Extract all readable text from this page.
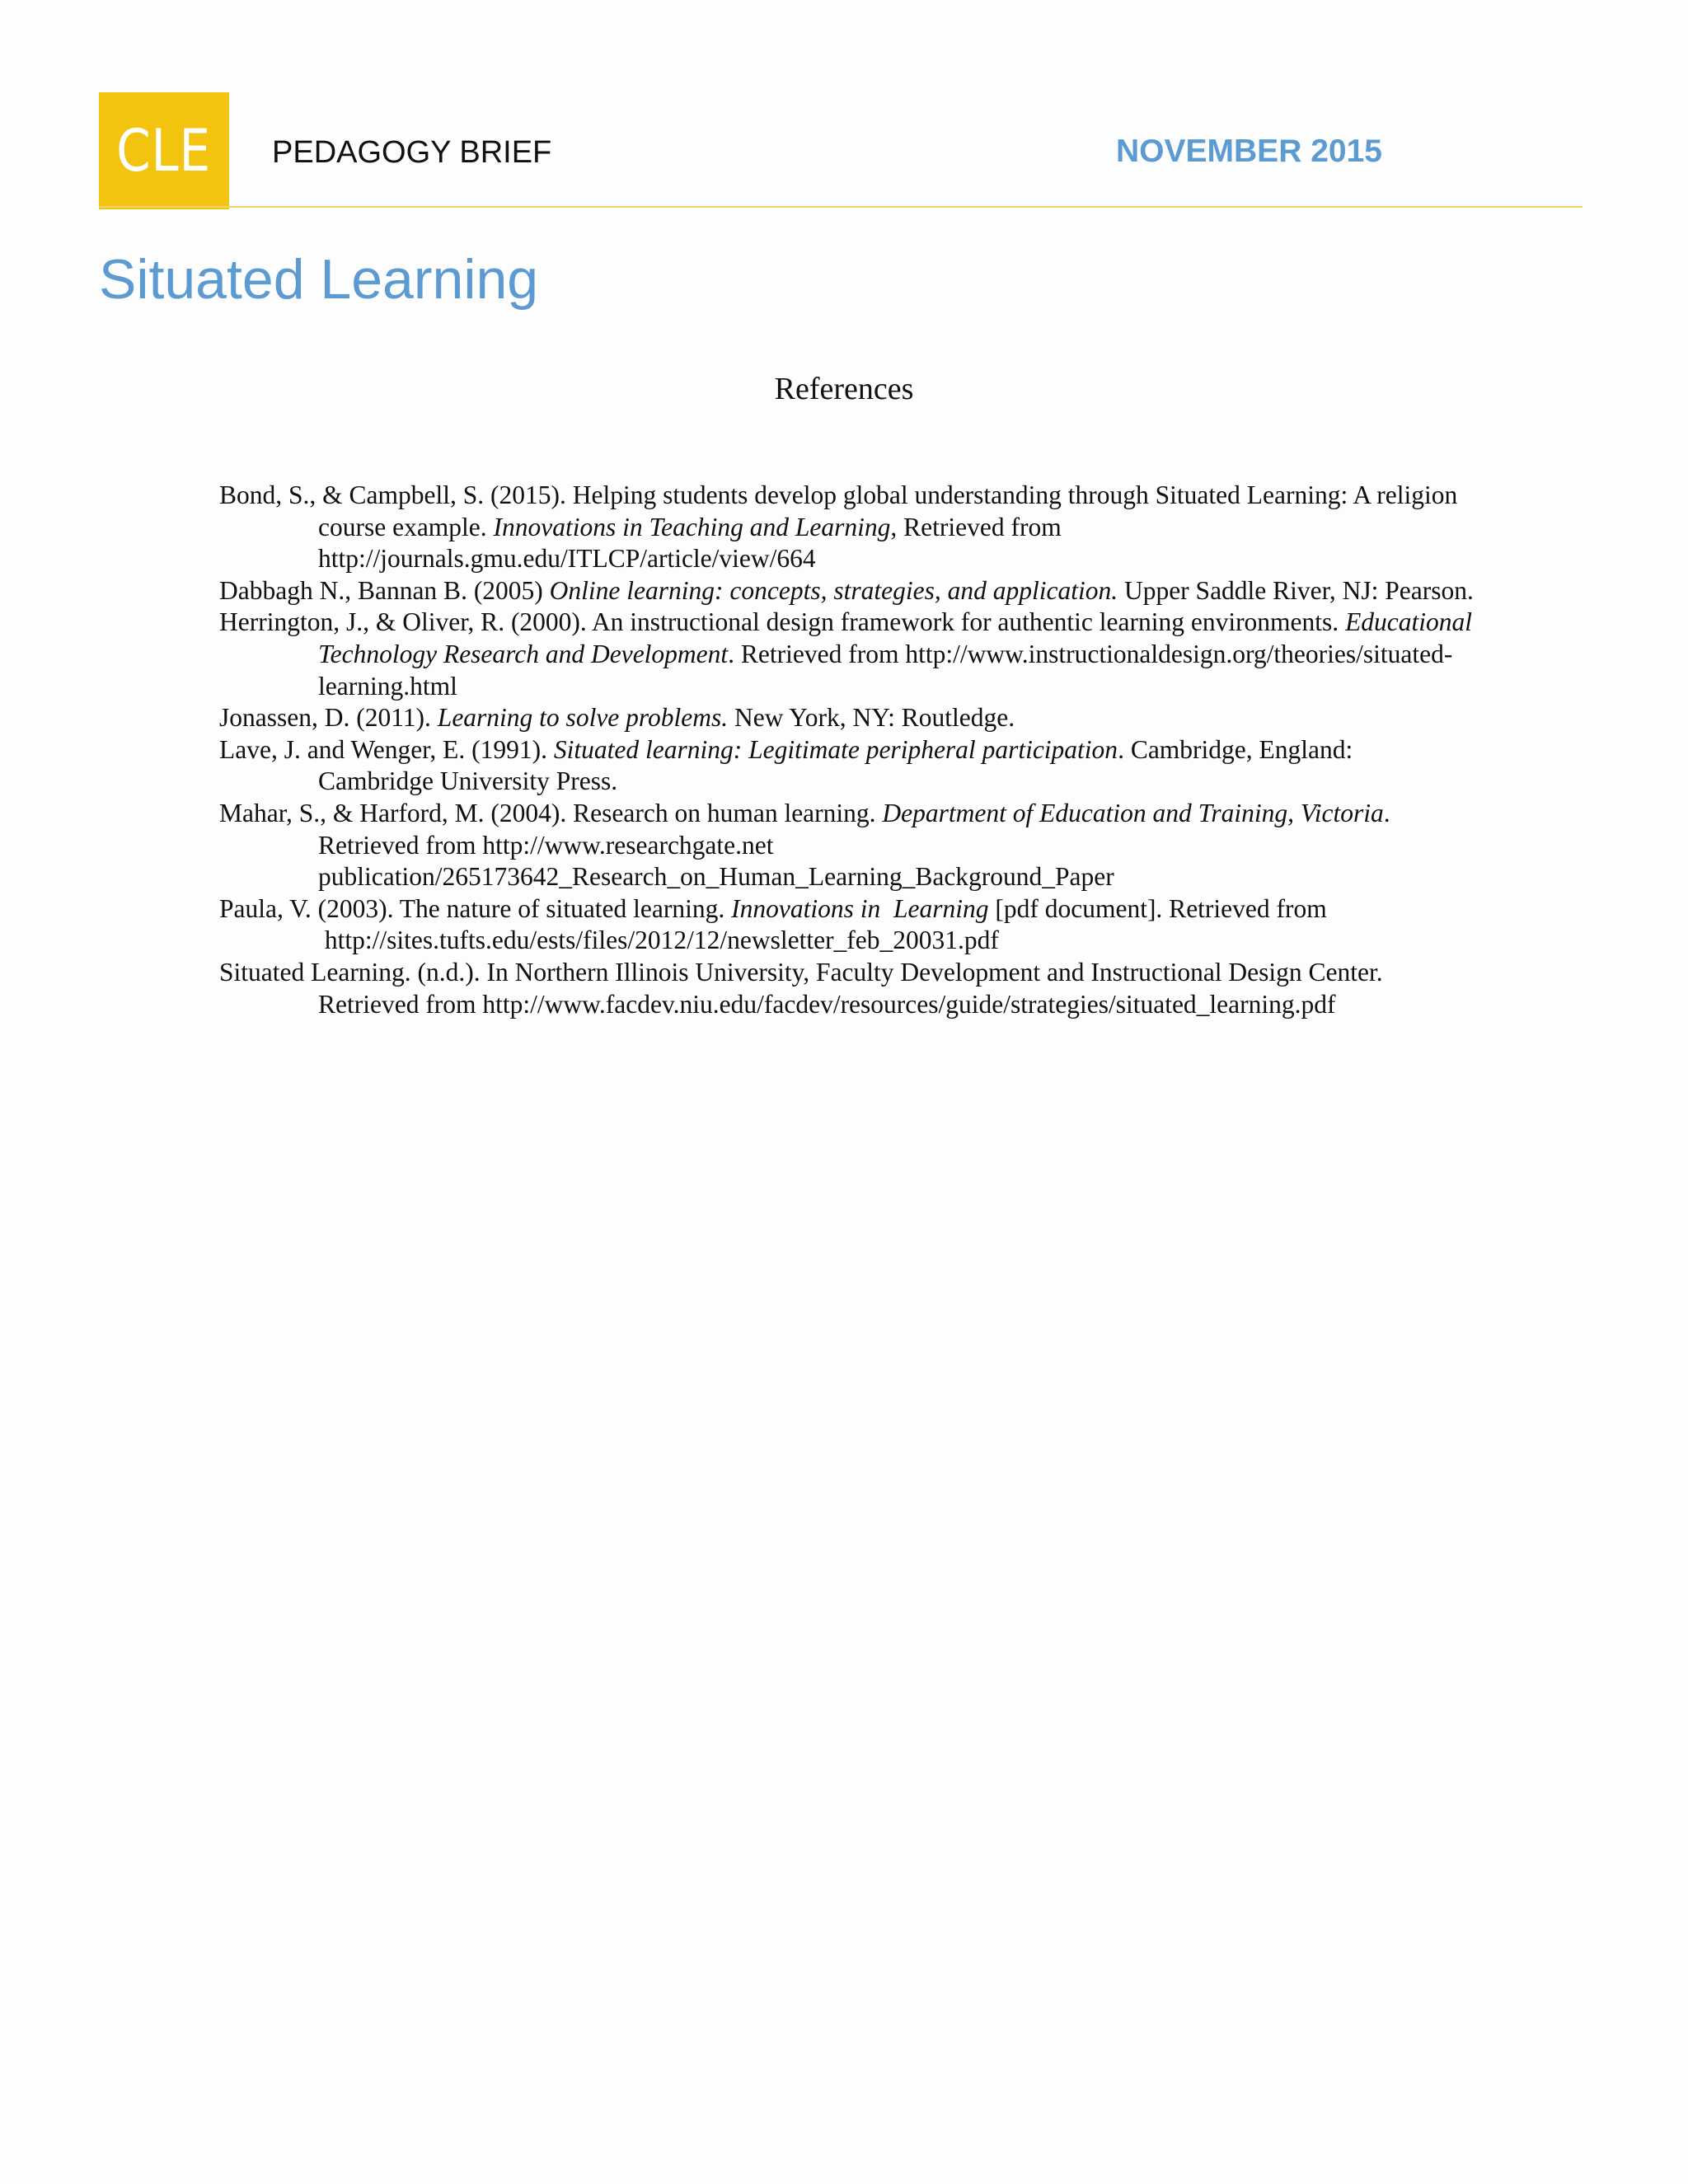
CLE PEDAGOGY BRIEF	NOVEMBER 2015
Situated Learning
References
Bond, S., & Campbell, S. (2015). Helping students develop global understanding through Situated Learning: A religion
course example. Innovations in Teaching and Learning, Retrieved from
http://journals.gmu.edu/ITLCP/article/view/664
Dabbagh N., Bannan B. (2005) Online learning: concepts, strategies, and application. Upper Saddle River, NJ: Pearson.
Herrington, J., & Oliver, R. (2000). An instructional design framework for authentic learning environments. Educational
Technology Research and Development. Retrieved from http://www.instructionaldesign.org/theories/situated-
learning.html
Jonassen, D. (2011). Learning to solve problems. New York, NY: Routledge.
Lave, J. and Wenger, E. (1991). Situated learning: Legitimate peripheral participation. Cambridge, England:
Cambridge University Press.
Mahar, S., & Harford, M. (2004). Research on human learning. Department of Education and Training, Victoria.
Retrieved from http://www.researchgate.net
publication/265173642_Research_on_Human_Learning_Background_Paper
Paula, V. (2003). The nature of situated learning. Innovations in  Learning [pdf document]. Retrieved from
http://sites.tufts.edu/ests/files/2012/12/newsletter_feb_20031.pdf
Situated Learning. (n.d.). In Northern Illinois University, Faculty Development and Instructional Design Center.
Retrieved from http://www.facdev.niu.edu/facdev/resources/guide/strategies/situated_learning.pdf
